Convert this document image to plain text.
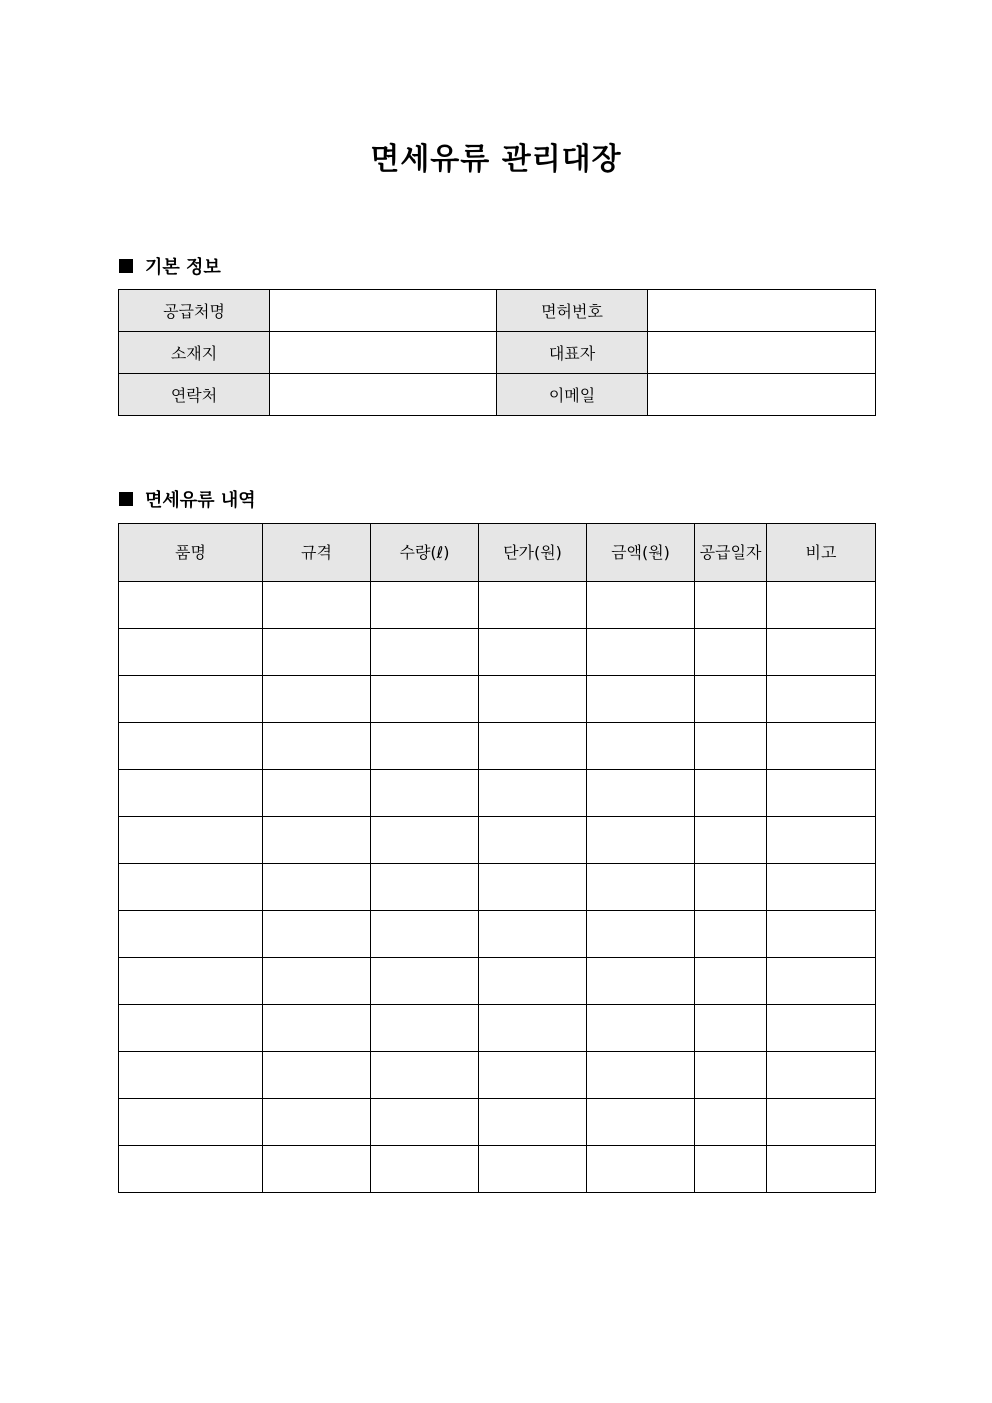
면세유류 관리대장
기본 정보
공급처명		면허번호	
소재지		대표자	
연락처		이메일	
면세유류 내역
품명	규격	수량(ℓ)	단가(원)	금액(원)	공급일자	비고
